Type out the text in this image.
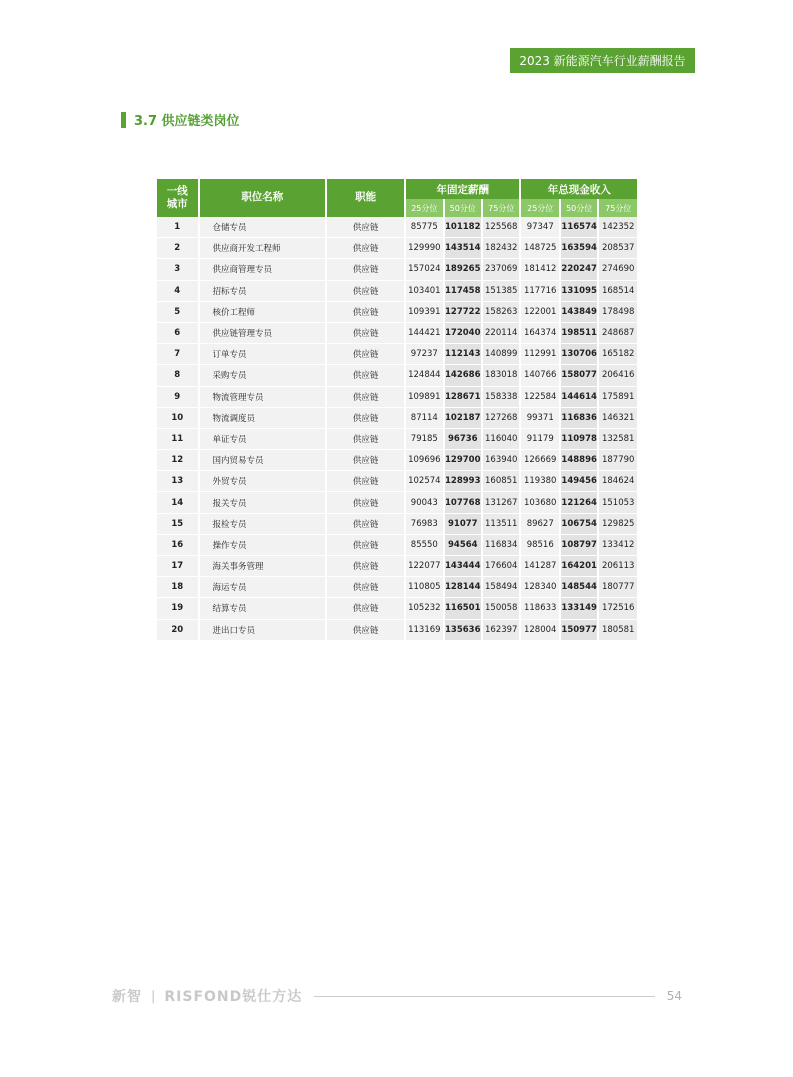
2023 新能源汽车行业薪酬报告
3.7 供应链类岗位
一线
城市	职位名称	职能	年固定薪酬			年总现金收入		
			25分位	50分位	75分位	25分位	50分位	75分位
1	仓储专员	供应链	85775	101182	125568	97347	116574	142352
2	供应商开发工程师	供应链	129990	143514	182432	148725	163594	208537
3	供应商管理专员	供应链	157024	189265	237069	181412	220247	274690
4	招标专员	供应链	103401	117458	151385	117716	131095	168514
5	核价工程师	供应链	109391	127722	158263	122001	143849	178498
6	供应链管理专员	供应链	144421	172040	220114	164374	198511	248687
7	订单专员	供应链	97237	112143	140899	112991	130706	165182
8	采购专员	供应链	124844	142686	183018	140766	158077	206416
9	物流管理专员	供应链	109891	128671	158338	122584	144614	175891
10	物流调度员	供应链	87114	102187	127268	99371	116836	146321
11	单证专员	供应链	79185	96736	116040	91179	110978	132581
12	国内贸易专员	供应链	109696	129700	163940	126669	148896	187790
13	外贸专员	供应链	102574	128993	160851	119380	149456	184624
14	报关专员	供应链	90043	107768	131267	103680	121264	151053
15	报检专员	供应链	76983	91077	113511	89627	106754	129825
16	操作专员	供应链	85550	94564	116834	98516	108797	133412
17	海关事务管理	供应链	122077	143444	176604	141287	164201	206113
18	海运专员	供应链	110805	128144	158494	128340	148544	180777
19	结算专员	供应链	105232	116501	150058	118633	133149	172516
20	进出口专员	供应链	113169	135636	162397	128004	150977	180581
新智 | RISFOND锐仕方达	54
